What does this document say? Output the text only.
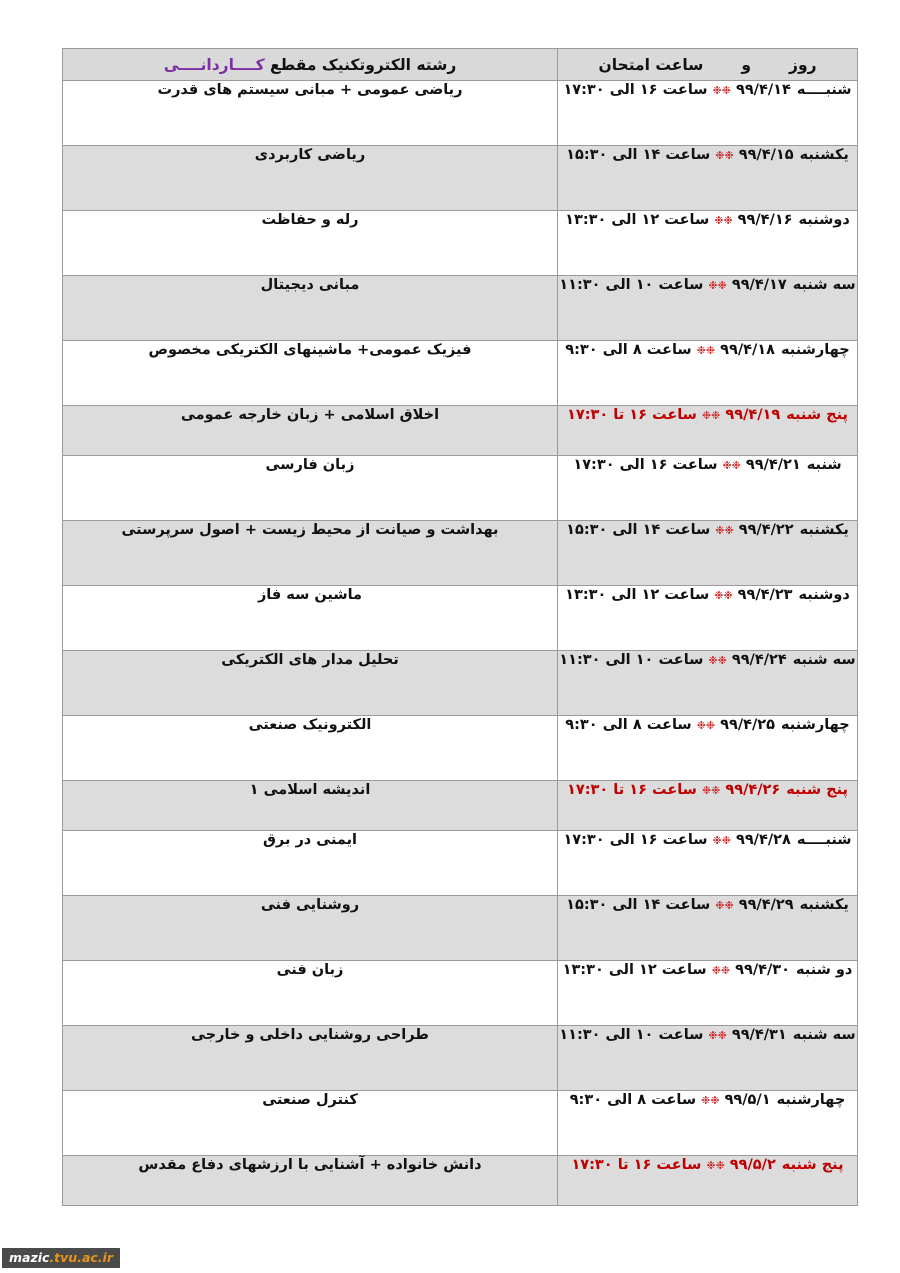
روز
و
ساعت امتحان	رشته الکتروتکنیک مقطع کــــاردانــــی

شنبــــه۹۹/۴/۱۴❉❉ساعت ۱۶ الی ۱۷:۳۰	ریاضی عمومی + مبانی سیستم های قدرت
یکشنبه۹۹/۴/۱۵❉❉ساعت ۱۴ الی ۱۵:۳۰	ریاضی کاربردی
دوشنبه۹۹/۴/۱۶❉❉ساعت ۱۲ الی ۱۳:۳۰	رله و حفاظت
سه شنبه۹۹/۴/۱۷❉❉ساعت ۱۰ الی ۱۱:۳۰	مبانی دیجیتال
چهارشنبه۹۹/۴/۱۸❉❉ساعت ۸ الی ۹:۳۰	فیزیک عمومی+ ماشینهای الکتریکی مخصوص
پنج شنبه۹۹/۴/۱۹❉❉ساعت ۱۶ تا ۱۷:۳۰	اخلاق اسلامی + زبان خارجه عمومی
شنبه۹۹/۴/۲۱❉❉ساعت ۱۶ الی ۱۷:۳۰	زبان فارسی
یکشنبه۹۹/۴/۲۲❉❉ساعت ۱۴ الی ۱۵:۳۰	بهداشت و صیانت از محیط زیست + اصول سرپرستی
دوشنبه۹۹/۴/۲۳❉❉ساعت ۱۲ الی ۱۳:۳۰	ماشین سه فاز
سه شنبه۹۹/۴/۲۴❉❉ساعت ۱۰ الی ۱۱:۳۰	تحلیل مدار های الکتریکی
چهارشنبه۹۹/۴/۲۵❉❉ساعت ۸ الی ۹:۳۰	الکترونیک صنعتی
پنج شنبه۹۹/۴/۲۶❉❉ساعت ۱۶ تا ۱۷:۳۰	اندیشه اسلامی ۱
شنبــــه۹۹/۴/۲۸❉❉ساعت ۱۶ الی ۱۷:۳۰	ایمنی در برق
یکشنبه۹۹/۴/۲۹❉❉ساعت ۱۴ الی ۱۵:۳۰	روشنایی فنی
دو شنبه۹۹/۴/۳۰❉❉ساعت ۱۲ الی ۱۳:۳۰	زبان فنی
سه شنبه۹۹/۴/۳۱❉❉ساعت ۱۰ الی ۱۱:۳۰	طراحی روشنایی داخلی و خارجی
چهارشنبه۹۹/۵/۱❉❉ساعت ۸ الی ۹:۳۰	کنترل صنعتی
پنج شنبه۹۹/۵/۲❉❉ساعت ۱۶ تا ۱۷:۳۰	دانش خانواده + آشنایی با ارزشهای دفاع مقدس
mazic.tvu.ac.ir
